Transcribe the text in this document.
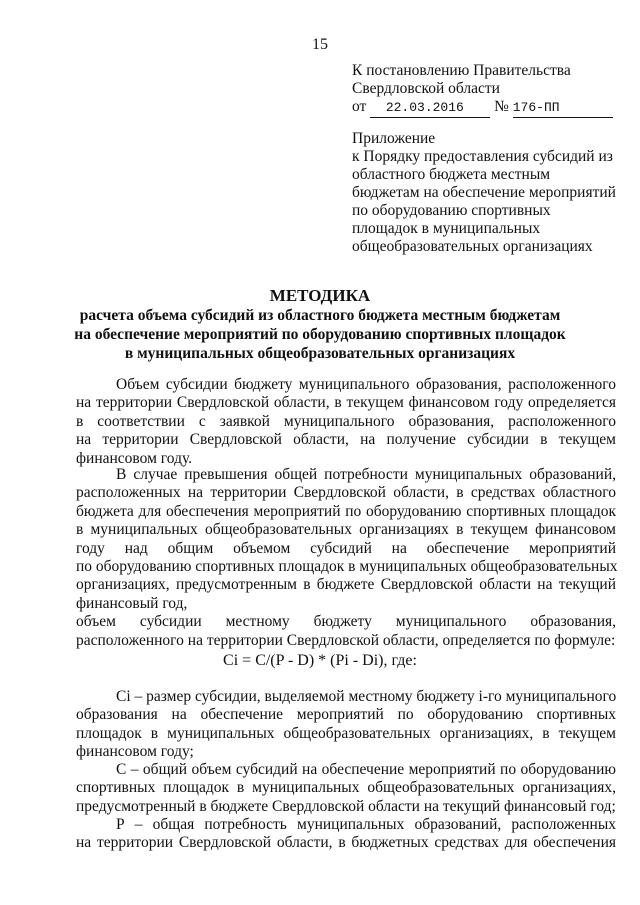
15
К постановлению Правительства
Свердловской области
от 22.03.2016 № 176-ПП
Приложение
к Порядку предоставления субсидий из
областного бюджета местным
бюджетам на обеспечение мероприятий
по оборудованию спортивных
площадок в муниципальных
общеобразовательных организациях
МЕТОДИКА
расчета объема субсидий из областного бюджета местным бюджетам
на обеспечение мероприятий по оборудованию спортивных площадок
в муниципальных общеобразовательных организациях
Объем субсидии бюджету муниципального образования, расположенного
на территории Свердловской области, в текущем финансовом году определяется
в соответствии с заявкой муниципального образования, расположенного
на территории Свердловской области, на получение субсидии в текущем
финансовом году.
В случае превышения общей потребности муниципальных образований,
расположенных на территории Свердловской области, в средствах областного
бюджета для обеспечения мероприятий по оборудованию спортивных площадок
в муниципальных общеобразовательных организациях в текущем финансовом
году над общим объемом субсидий на обеспечение мероприятий
по оборудованию спортивных площадок в муниципальных общеобразовательных
организациях, предусмотренным в бюджете Свердловской области на текущий
финансовый год,
объем субсидии местному бюджету муниципального образования,
расположенного на территории Свердловской области, определяется по формуле:
Ci = C/(P - D) * (Pi - Di), где:
Ci – размер субсидии, выделяемой местному бюджету i-го муниципального
образования на обеспечение мероприятий по оборудованию спортивных
площадок в муниципальных общеобразовательных организациях, в текущем
финансовом году;
С – общий объем субсидий на обеспечение мероприятий по оборудованию
спортивных площадок в муниципальных общеобразовательных организациях,
предусмотренный в бюджете Свердловской области на текущий финансовый год;
Р – общая потребность муниципальных образований, расположенных
на территории Свердловской области, в бюджетных средствах для обеспечения
